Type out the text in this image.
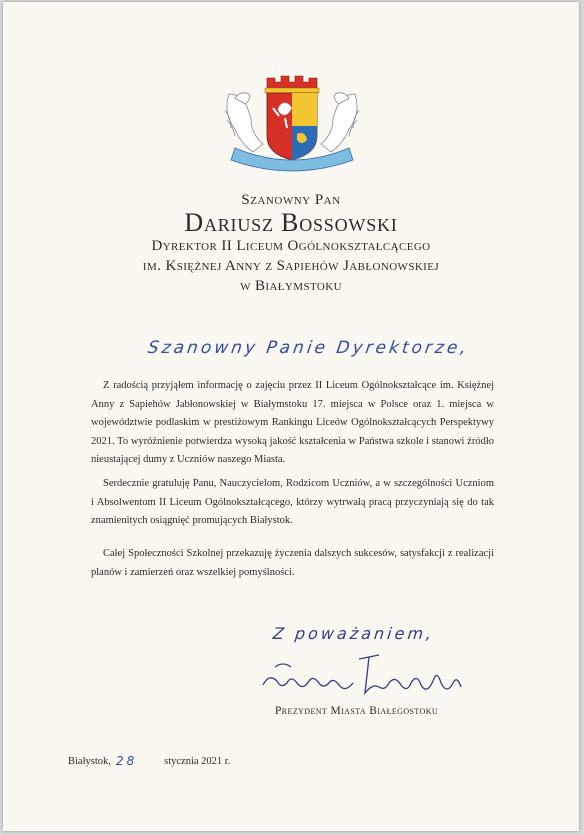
Szanowny Pan
Dariusz Bossowski
Dyrektor II Liceum Ogólnokształcącego
im. Księżnej Anny z Sapiehów Jabłonowskiej
w Białymstoku
Szanowny Panie Dyrektorze,

Z radością przyjąłem informację o zajęciu przez II Liceum Ogólnokształcące im. Księżnej Anny z Sapiehów Jabłonowskiej w Białymstoku 17. miejsca w Polsce oraz 1. miejsca w województwie podlaskim w prestiżowym Rankingu Liceów Ogólnokształcących Perspektywy 2021. To wyróżnienie potwierdza wysoką jakość kształcenia w Państwa szkole i stanowi źródło nieustającej dumy z Uczniów naszego Miasta.

Serdecznie gratuluję Panu, Nauczycielom, Rodzicom Uczniów, a w szczególności Uczniom i Absolwentom II Liceum Ogólnokształcącego, którzy wytrwałą pracą przyczyniają się do tak znamienitych osiągnięć promujących Białystok.

Całej Społeczności Szkolnej przekazuję życzenia dalszych sukcesów, satysfakcji z realizacji planów i zamierzeń oraz wszelkiej pomyślności.

Z poważaniem,
Prezydent Miasta Białegostoku
Białystok,	stycznia 2021 r.
28
